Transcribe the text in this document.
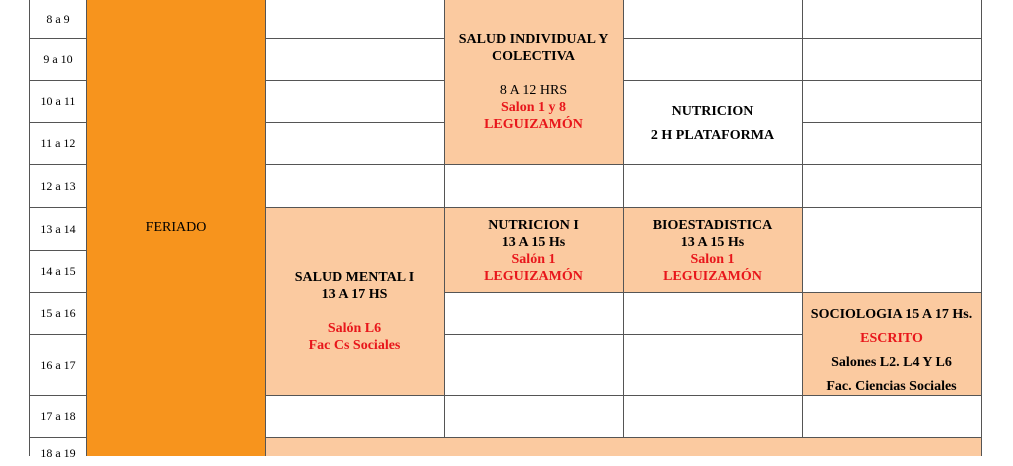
FERIADO
8 a 9
9 a 10
10 a 11
11 a 12
12 a 13
13 a 14
14 a 15
15 a 16
16 a 17
17 a 18
18 a 19
SALUD INDIVIDUAL Y
COLECTIVA
8 A 12 HRS
Salon 1 y 8
LEGUIZAMÓN
NUTRICION
2 H PLATAFORMA
SALUD MENTAL I
13 A 17 HS
Salón L6
Fac Cs Sociales
NUTRICION I
13 A 15 Hs
Salón 1
LEGUIZAMÓN
BIOESTADISTICA
13 A 15 Hs
Salon 1
LEGUIZAMÓN
SOCIOLOGIA 15 A 17 Hs.
ESCRITO
Salones L2. L4 Y L6
Fac. Ciencias Sociales
